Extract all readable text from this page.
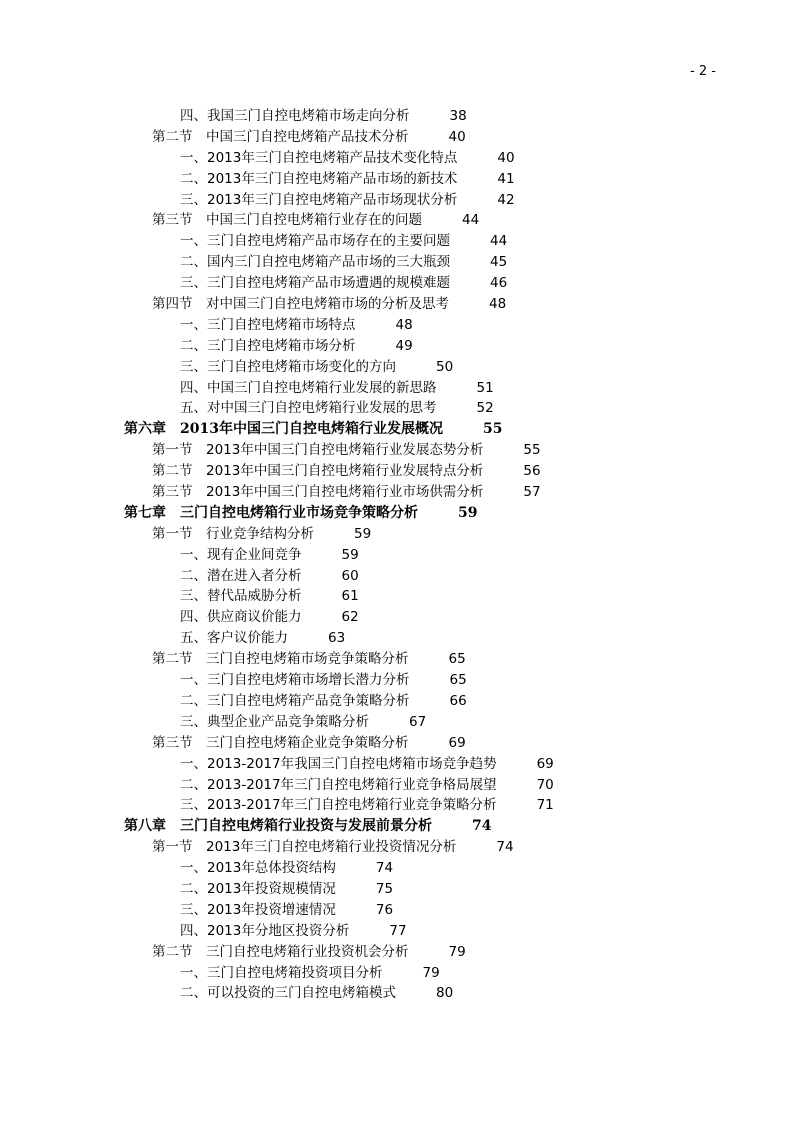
- 2 -
四、我国三门自控电烤箱市场走向分析	38
第二节　中国三门自控电烤箱产品技术分析	40
一、2013年三门自控电烤箱产品技术变化特点	40
二、2013年三门自控电烤箱产品市场的新技术	41
三、2013年三门自控电烤箱产品市场现状分析	42
第三节　中国三门自控电烤箱行业存在的问题	44
一、三门自控电烤箱产品市场存在的主要问题	44
二、国内三门自控电烤箱产品市场的三大瓶颈	45
三、三门自控电烤箱产品市场遭遇的规模难题	46
第四节　对中国三门自控电烤箱市场的分析及思考	48
一、三门自控电烤箱市场特点	48
二、三门自控电烤箱市场分析	49
三、三门自控电烤箱市场变化的方向	50
四、中国三门自控电烤箱行业发展的新思路	51
五、对中国三门自控电烤箱行业发展的思考	52
第六章　2013年中国三门自控电烤箱行业发展概况	55
第一节　2013年中国三门自控电烤箱行业发展态势分析	55
第二节　2013年中国三门自控电烤箱行业发展特点分析	56
第三节　2013年中国三门自控电烤箱行业市场供需分析	57
第七章　三门自控电烤箱行业市场竞争策略分析	59
第一节　行业竞争结构分析	59
一、现有企业间竞争	59
二、潜在进入者分析	60
三、替代品威胁分析	61
四、供应商议价能力	62
五、客户议价能力	63
第二节　三门自控电烤箱市场竞争策略分析	65
一、三门自控电烤箱市场增长潜力分析	65
二、三门自控电烤箱产品竞争策略分析	66
三、典型企业产品竞争策略分析	67
第三节　三门自控电烤箱企业竞争策略分析	69
一、2013-2017年我国三门自控电烤箱市场竞争趋势	69
二、2013-2017年三门自控电烤箱行业竞争格局展望	70
三、2013-2017年三门自控电烤箱行业竞争策略分析	71
第八章　三门自控电烤箱行业投资与发展前景分析	74
第一节　2013年三门自控电烤箱行业投资情况分析	74
一、2013年总体投资结构	74
二、2013年投资规模情况	75
三、2013年投资增速情况	76
四、2013年分地区投资分析	77
第二节　三门自控电烤箱行业投资机会分析	79
一、三门自控电烤箱投资项目分析	79
二、可以投资的三门自控电烤箱模式	80
